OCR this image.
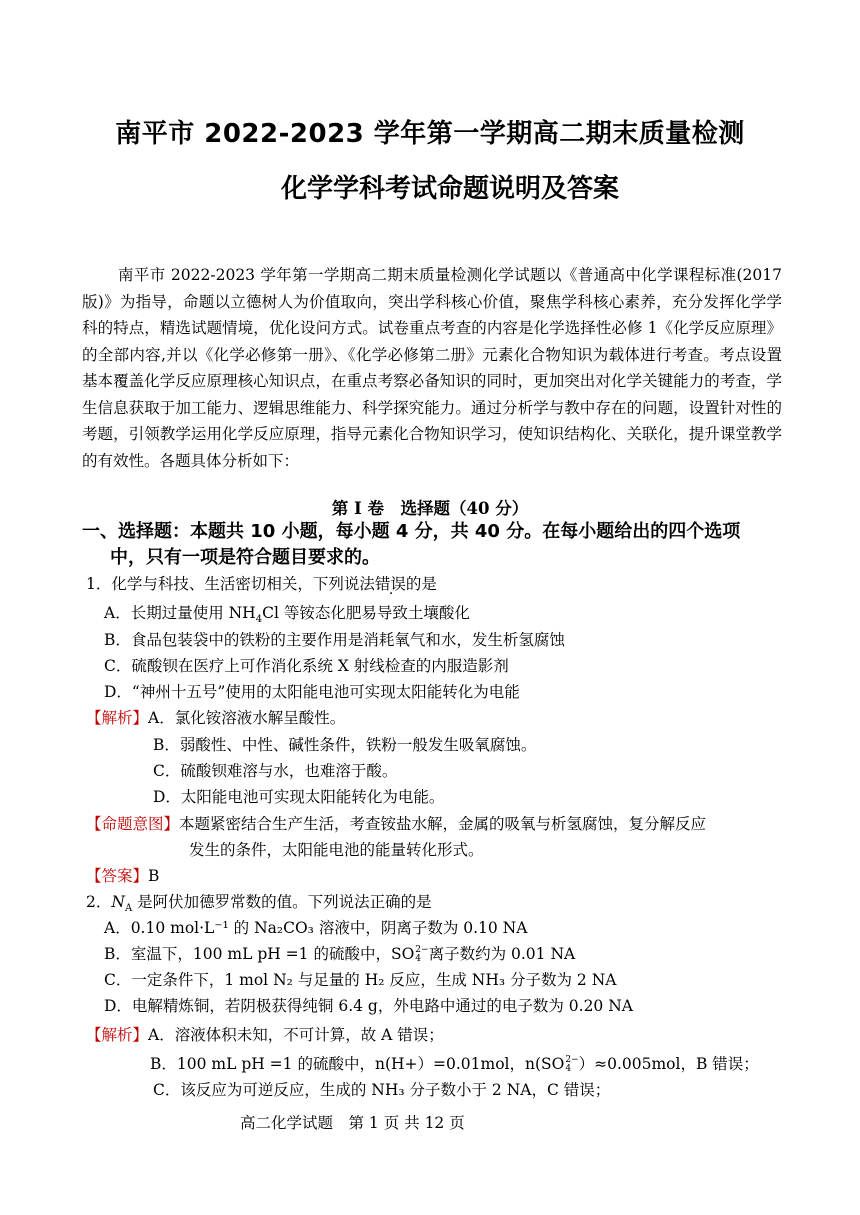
南平市 2022-2023 学年第一学期高二期末质量检测
化学学科考试命题说明及答案
南平市 2022-2023 学年第一学期高二期末质量检测化学试题以《普通高中化学课程标准(2017 版)》为指导，命题以立德树人为价值取向，突出学科核心价值，聚焦学科核心素养，充分发挥化学学科的特点，精选试题情境，优化设问方式。试卷重点考查的内容是化学选择性必修 1《化学反应原理》的全部内容,并以《化学必修第一册》、《化学必修第二册》元素化合物知识为载体进行考查。考点设置基本覆盖化学反应原理核心知识点，在重点考察必备知识的同时，更加突出对化学关键能力的考查，学生信息获取于加工能力、逻辑思维能力、科学探究能力。通过分析学与教中存在的问题，设置针对性的考题，引领教学运用化学反应原理，指导元素化合物知识学习，使知识结构化、关联化，提升课堂教学的有效性。各题具体分析如下：
第 I 卷　选择题（40 分）
一、选择题：本题共 10 小题，每小题 4 分，共 40 分。在每小题给出的四个选项
中，只有一项是符合题目要求的。
1．化学与科技、生活密切相关，下列说法错误的是
A．长期过量使用 $NH_4Cl$ 等铵态化肥易导致土壤酸化
B．食品包装袋中的铁粉的主要作用是消耗氧气和水，发生析氢腐蚀
C．硫酸钡在医疗上可作消化系统 X 射线检查的内服造影剂
D．“神州十五号”使用的太阳能电池可实现太阳能转化为电能
【解析】A．氯化铵溶液水解呈酸性。
B．弱酸性、中性、碱性条件，铁粉一般发生吸氧腐蚀。
C．硫酸钡难溶与水，也难溶于酸。
D．太阳能电池可实现太阳能转化为电能。
【命题意图】本题紧密结合生产生活，考查铵盐水解，金属的吸氧与析氢腐蚀，复分解反应
发生的条件，太阳能电池的能量转化形式。
【答案】B
2．$N_A$ 是阿伏加德罗常数的值。下列说法正确的是
A．0.10 mol·L⁻¹ 的 Na₂CO₃ 溶液中，阴离子数为 0.10 NA
B．室温下，100 mL pH =1 的硫酸中，SO 2−
4 离子数约为 0.01 NA
C．一定条件下，1 mol N₂ 与足量的 H₂ 反应，生成 NH₃ 分子数为 2 NA
D．电解精炼铜，若阴极获得纯铜 6.4 g，外电路中通过的电子数为 0.20 NA
【解析】A．溶液体积未知，不可计算，故 A 错误；
B．100 mL pH =1 的硫酸中，n(H+）=0.01mol，n(SO 2−
4 ）≈0.005mol，B 错误；
C．该反应为可逆反应，生成的 NH₃ 分子数小于 2 NA，C 错误；
高二化学试题　第 1 页 共 12 页
